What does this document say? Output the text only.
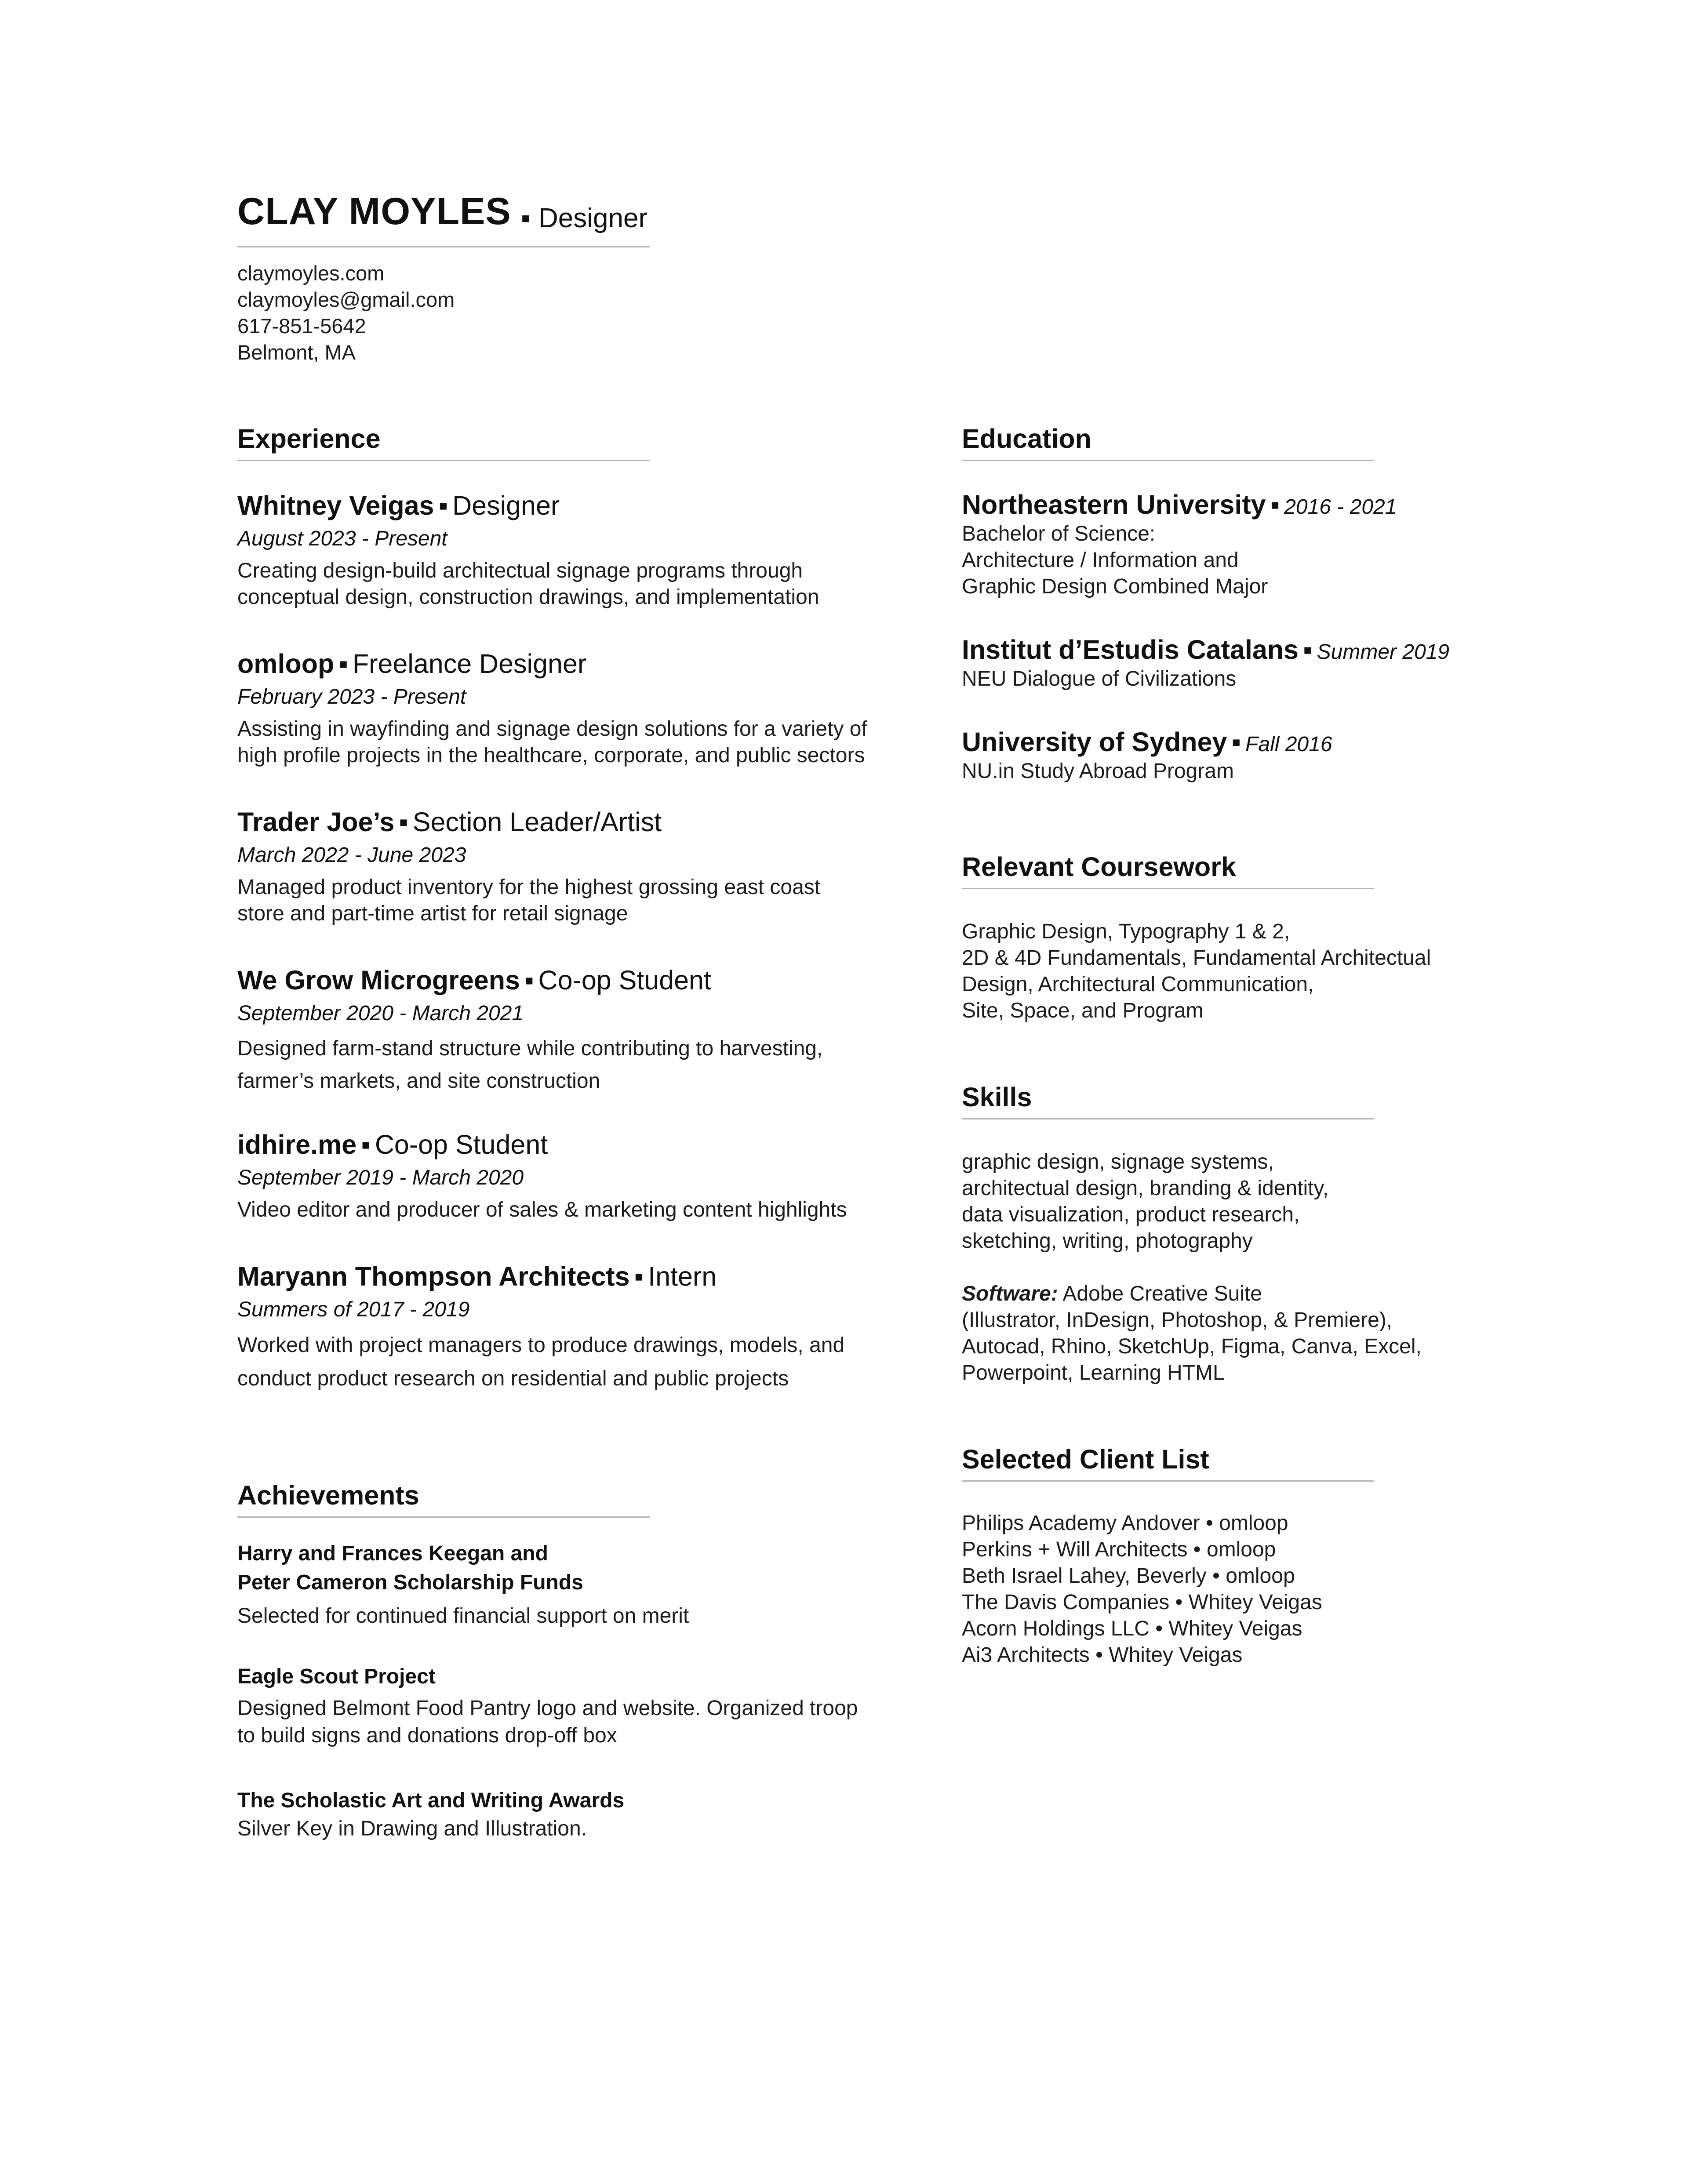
CLAY MOYLES ▪ Designer
claymoyles.com
claymoyles@gmail.com
617-851-5642
Belmont, MA
Experience
Whitney Veigas ▪ Designer
August 2023 - Present
Creating design-build architectual signage programs through
conceptual design, construction drawings, and implementation
omloop ▪ Freelance Designer
February 2023 - Present
Assisting in wayfinding and signage design solutions for a variety of
high profile projects in the healthcare, corporate, and public sectors
Trader Joe’s ▪ Section Leader/Artist
March 2022 - June 2023
Managed product inventory for the highest grossing east coast
store and part-time artist for retail signage
We Grow Microgreens ▪ Co-op Student
September 2020 - March 2021
Designed farm-stand structure while contributing to harvesting,
farmer’s markets, and site construction
idhire.me ▪ Co-op Student
September 2019 - March 2020
Video editor and producer of sales & marketing content highlights
Maryann Thompson Architects ▪ Intern
Summers of 2017 - 2019
Worked with project managers to produce drawings, models, and
conduct product research on residential and public projects
Achievements
Harry and Frances Keegan and
Peter Cameron Scholarship Funds
Selected for continued financial support on merit
Eagle Scout Project
Designed Belmont Food Pantry logo and website. Organized troop
to build signs and donations drop-off box
The Scholastic Art and Writing Awards
Silver Key in Drawing and Illustration.
Education
Northeastern University ▪ 2016 - 2021
Bachelor of Science:
Architecture / Information and
Graphic Design Combined Major
Institut d’Estudis Catalans ▪ Summer 2019
NEU Dialogue of Civilizations
University of Sydney ▪ Fall 2016
NU.in Study Abroad Program
Relevant Coursework
Graphic Design, Typography 1 & 2,
2D & 4D Fundamentals, Fundamental Architectual
Design, Architectural Communication,
Site, Space, and Program
Skills
graphic design, signage systems,
architectual design, branding & identity,
data visualization, product research,
sketching, writing, photography
Software: Adobe Creative Suite
(Illustrator, InDesign, Photoshop, & Premiere),
Autocad, Rhino, SketchUp, Figma, Canva, Excel,
Powerpoint, Learning HTML
Selected Client List
Philips Academy Andover • omloop
Perkins + Will Architects • omloop
Beth Israel Lahey, Beverly • omloop
The Davis Companies • Whitey Veigas
Acorn Holdings LLC • Whitey Veigas
Ai3 Architects • Whitey Veigas
